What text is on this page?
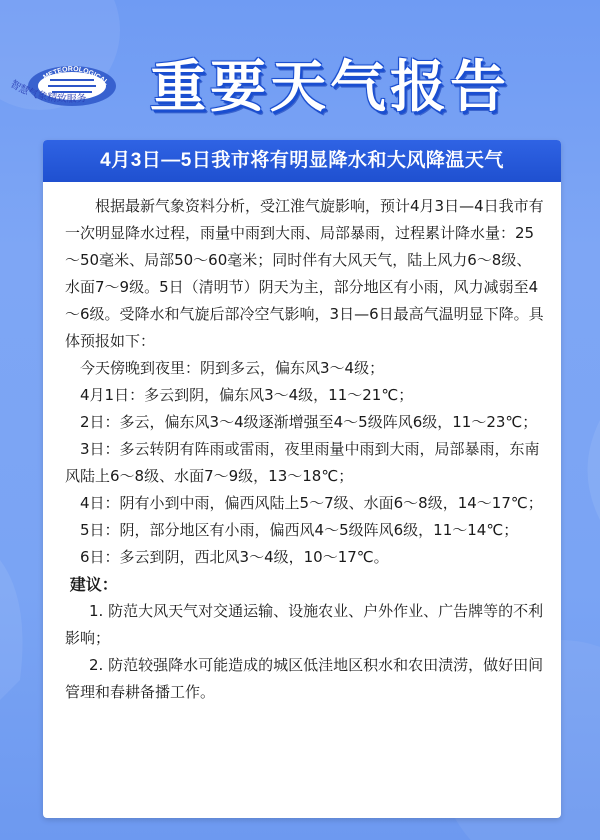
METEOROLOGICAL
智慧气象精致服务 重要天气报告
4月3日—5日我市将有明显降水和大风降温天气

根据最新气象资料分析，受江淮气旋影响，预计4月3日—4日我市有一次明显降水过程，雨量中雨到大雨、局部暴雨，过程累计降水量：25～50毫米、局部50～60毫米；同时伴有大风天气，陆上风力6～8级、水面7～9级。5日（清明节）阴天为主，部分地区有小雨，风力减弱至4～6级。受降水和气旋后部冷空气影响，3日—6日最高气温明显下降。具体预报如下：

今天傍晚到夜里：阴到多云，偏东风3～4级；

4月1日：多云到阴，偏东风3～4级，11～21℃；

2日：多云，偏东风3～4级逐渐增强至4～5级阵风6级，11～23℃；

3日：多云转阴有阵雨或雷雨，夜里雨量中雨到大雨，局部暴雨，东南风陆上6～8级、水面7～9级，13～18℃；

4日：阴有小到中雨，偏西风陆上5～7级、水面6～8级，14～17℃；

5日：阴，部分地区有小雨，偏西风4～5级阵风6级，11～14℃；

6日：多云到阴，西北风3～4级，10～17℃。

建议：

1. 防范大风天气对交通运输、设施农业、户外作业、广告牌等的不利影响；

2. 防范较强降水可能造成的城区低洼地区积水和农田渍涝，做好田间管理和春耕备播工作。
